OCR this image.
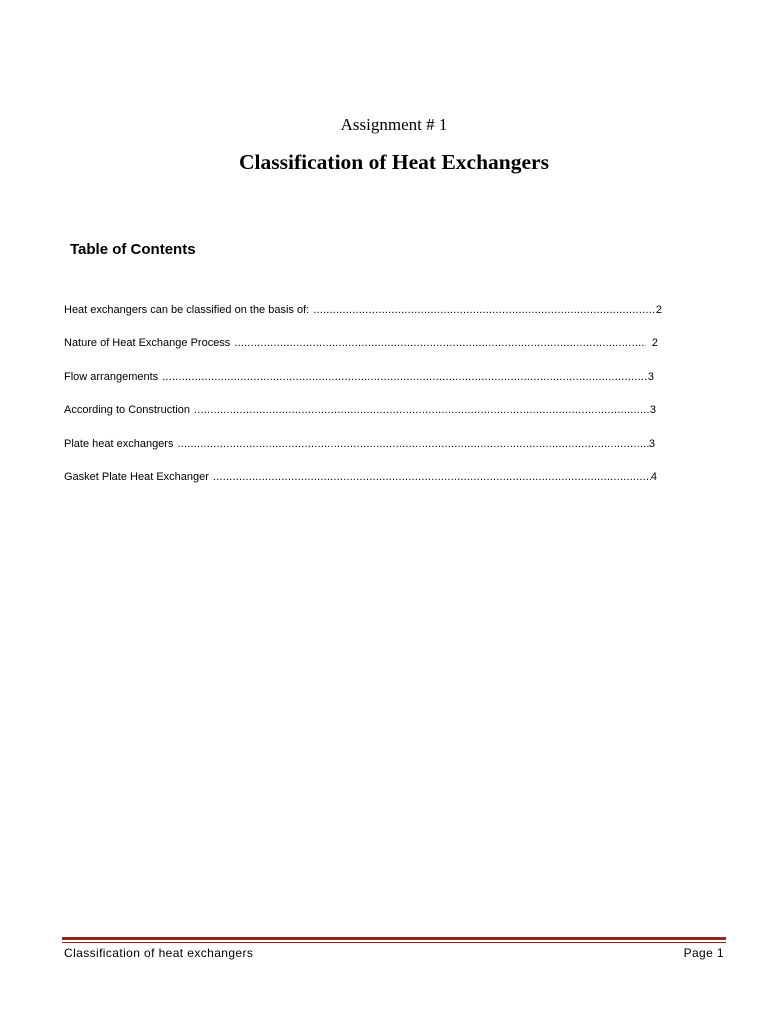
Assignment # 1
Classification of Heat Exchangers
Table of Contents
Heat exchangers can be classified on the basis of: .....	2
Nature of Heat Exchange Process .....	2
Flow arrangements .....	3
According to Construction .....	3
Plate heat exchangers .....	3
Gasket Plate Heat Exchanger .....	4
Classification of heat exchangers	Page 1
